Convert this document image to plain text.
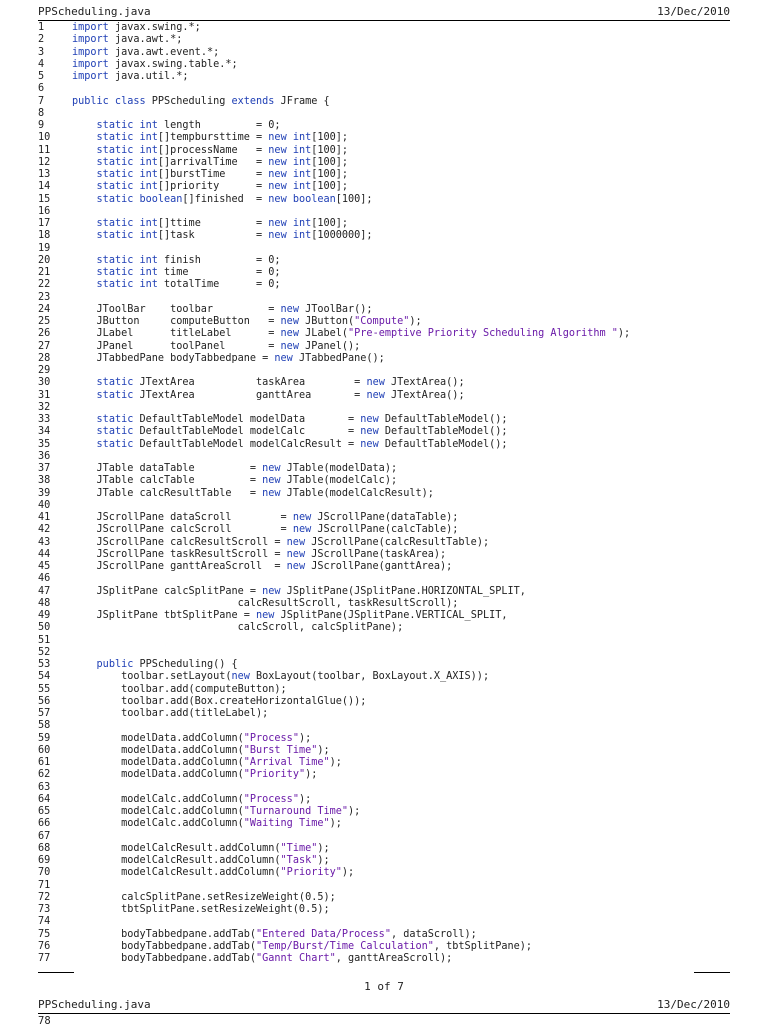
PPScheduling.java	13/Dec/2010
1	import javax.swing.*;
2	import java.awt.*;
3	import java.awt.event.*;
4	import javax.swing.table.*;
5	import java.util.*;
6
7	public class PPScheduling extends JFrame {
8
9	static int length         = 0;
10	static int[]tempbursttime = new int[100];
11	static int[]processName   = new int[100];
12	static int[]arrivalTime   = new int[100];
13	static int[]burstTime     = new int[100];
14	static int[]priority      = new int[100];
15	static boolean[]finished  = new boolean[100];
16
17	static int[]ttime         = new int[100];
18	static int[]task          = new int[1000000];
19
20	static int finish         = 0;
21	static int time           = 0;
22	static int totalTime      = 0;
23
24    JToolBar    toolbar         = new JToolBar();
25    JButton     computeButton   = new JButton("Compute");
26    JLabel      titleLabel      = new JLabel("Pre-emptive Priority Scheduling Algorithm ");
27    JPanel      toolPanel       = new JPanel();
28    JTabbedPane bodyTabbedpane = new JTabbedPane();
29
30	static JTextArea          taskArea        = new JTextArea();
31	static JTextArea          ganttArea       = new JTextArea();
32
33	static DefaultTableModel modelData       = new DefaultTableModel();
34	static DefaultTableModel modelCalc       = new DefaultTableModel();
35	static DefaultTableModel modelCalcResult = new DefaultTableModel();
36
37    JTable dataTable         = new JTable(modelData);
38    JTable calcTable         = new JTable(modelCalc);
39    JTable calcResultTable   = new JTable(modelCalcResult);
40
41    JScrollPane dataScroll        = new JScrollPane(dataTable);
42    JScrollPane calcScroll        = new JScrollPane(calcTable);
43    JScrollPane calcResultScroll = new JScrollPane(calcResultTable);
44    JScrollPane taskResultScroll = new JScrollPane(taskArea);
45    JScrollPane ganttAreaScroll  = new JScrollPane(ganttArea);
46
47    JSplitPane calcSplitPane = new JSplitPane(JSplitPane.HORIZONTAL_SPLIT,
48                           calcResultScroll, taskResultScroll);
49    JSplitPane tbtSplitPane = new JSplitPane(JSplitPane.VERTICAL_SPLIT,
50                           calcScroll, calcSplitPane);
51
52
53	public PPScheduling() {
54        toolbar.setLayout(new BoxLayout(toolbar, BoxLayout.X_AXIS));
55        toolbar.add(computeButton);
56        toolbar.add(Box.createHorizontalGlue());
57        toolbar.add(titleLabel);
58
59        modelData.addColumn("Process");
60        modelData.addColumn("Burst Time");
61        modelData.addColumn("Arrival Time");
62        modelData.addColumn("Priority");
63
64        modelCalc.addColumn("Process");
65        modelCalc.addColumn("Turnaround Time");
66        modelCalc.addColumn("Waiting Time");
67
68        modelCalcResult.addColumn("Time");
69        modelCalcResult.addColumn("Task");
70        modelCalcResult.addColumn("Priority");
71
72        calcSplitPane.setResizeWeight(0.5);
73        tbtSplitPane.setResizeWeight(0.5);
74
75        bodyTabbedpane.addTab("Entered Data/Process", dataScroll);
76        bodyTabbedpane.addTab("Temp/Burst/Time Calculation", tbtSplitPane);
77        bodyTabbedpane.addTab("Gannt Chart", ganttAreaScroll);
1 of 7
PPScheduling.java	13/Dec/2010
78
